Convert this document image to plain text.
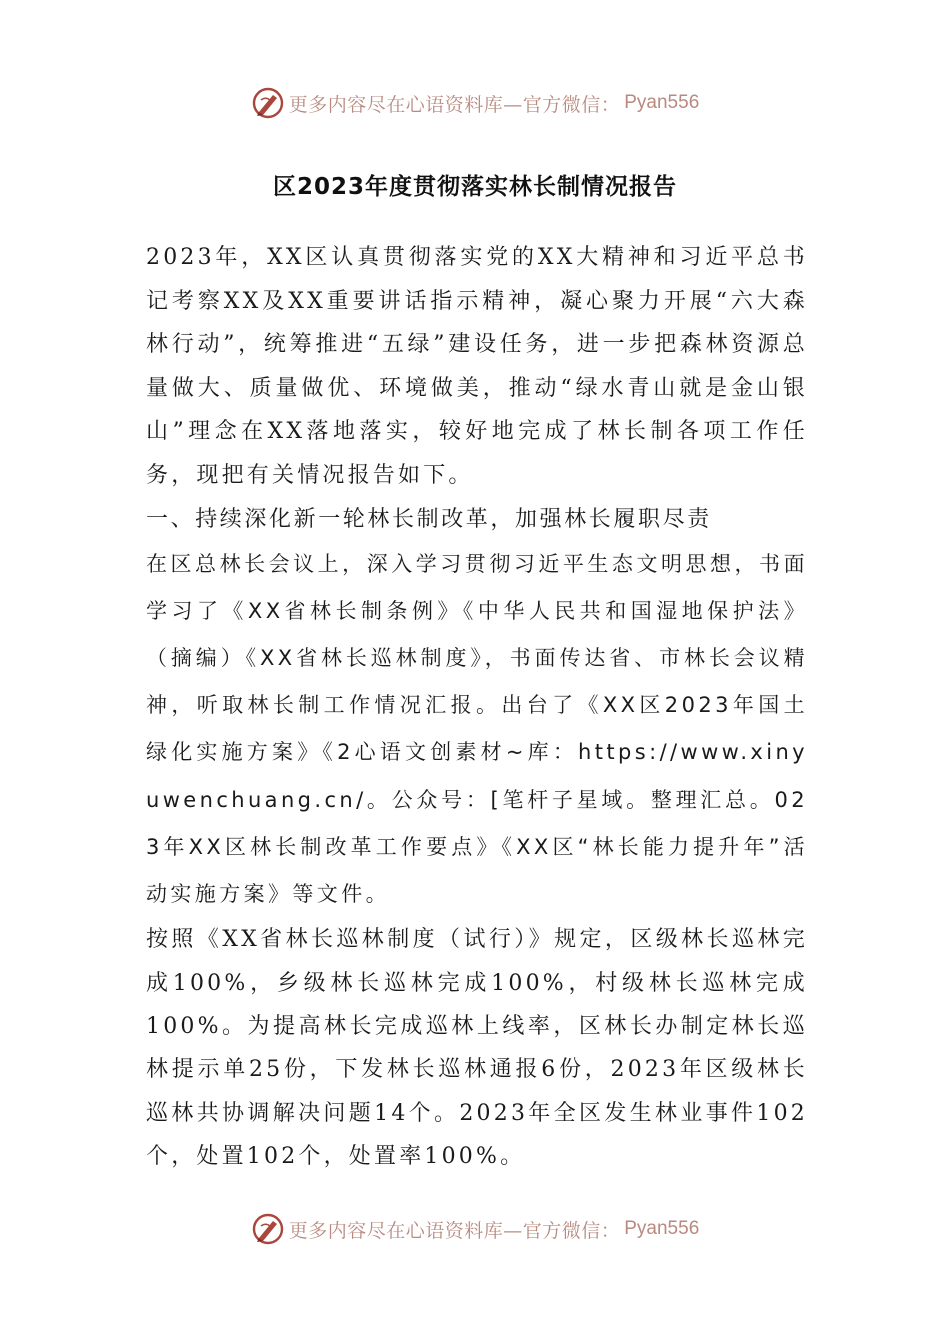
更多内容尽在心语资料库—官方微信： Pyan556
区2023年度贯彻落实林长制情况报告

2023年，XX区认真贯彻落实党的XX大精神和习近平总书记考察XX及XX重要讲话指示精神，凝心聚力开展“六大森林行动”，统筹推进“五绿”建设任务，进一步把森林资源总量做大、质量做优、环境做美，推动“绿水青山就是金山银山”理念在XX落地落实，较好地完成了林长制各项工作任务，现把有关情况报告如下。

一、持续深化新一轮林长制改革，加强林长履职尽责

在区总林长会议上，深入学习贯彻习近平生态文明思想，书面学习了《XX省林长制条例》《中华人民共和国湿地保护法》（摘编）《XX省林长巡林制度》，书面传达省、市林长会议精神，听取林长制工作情况汇报。出台了《XX区2023年国土绿化实施方案》《2心语文创素材~库：https://www.xinyuwenchuang.cn/。公众号：[笔杆子星域。整理汇总。023年XX区林长制改革工作要点》《XX区“林长能力提升年”活动实施方案》等文件。

按照《XX省林长巡林制度（试行）》规定，区级林长巡林完成100%，乡级林长巡林完成100%，村级林长巡林完成100%。为提高林长完成巡林上线率，区林长办制定林长巡林提示单25份，下发林长巡林通报6份，2023年区级林长巡林共协调解决问题14个。2023年全区发生林业事件102个，处置102个，处置率100%。

更多内容尽在心语资料库—官方微信： Pyan556
